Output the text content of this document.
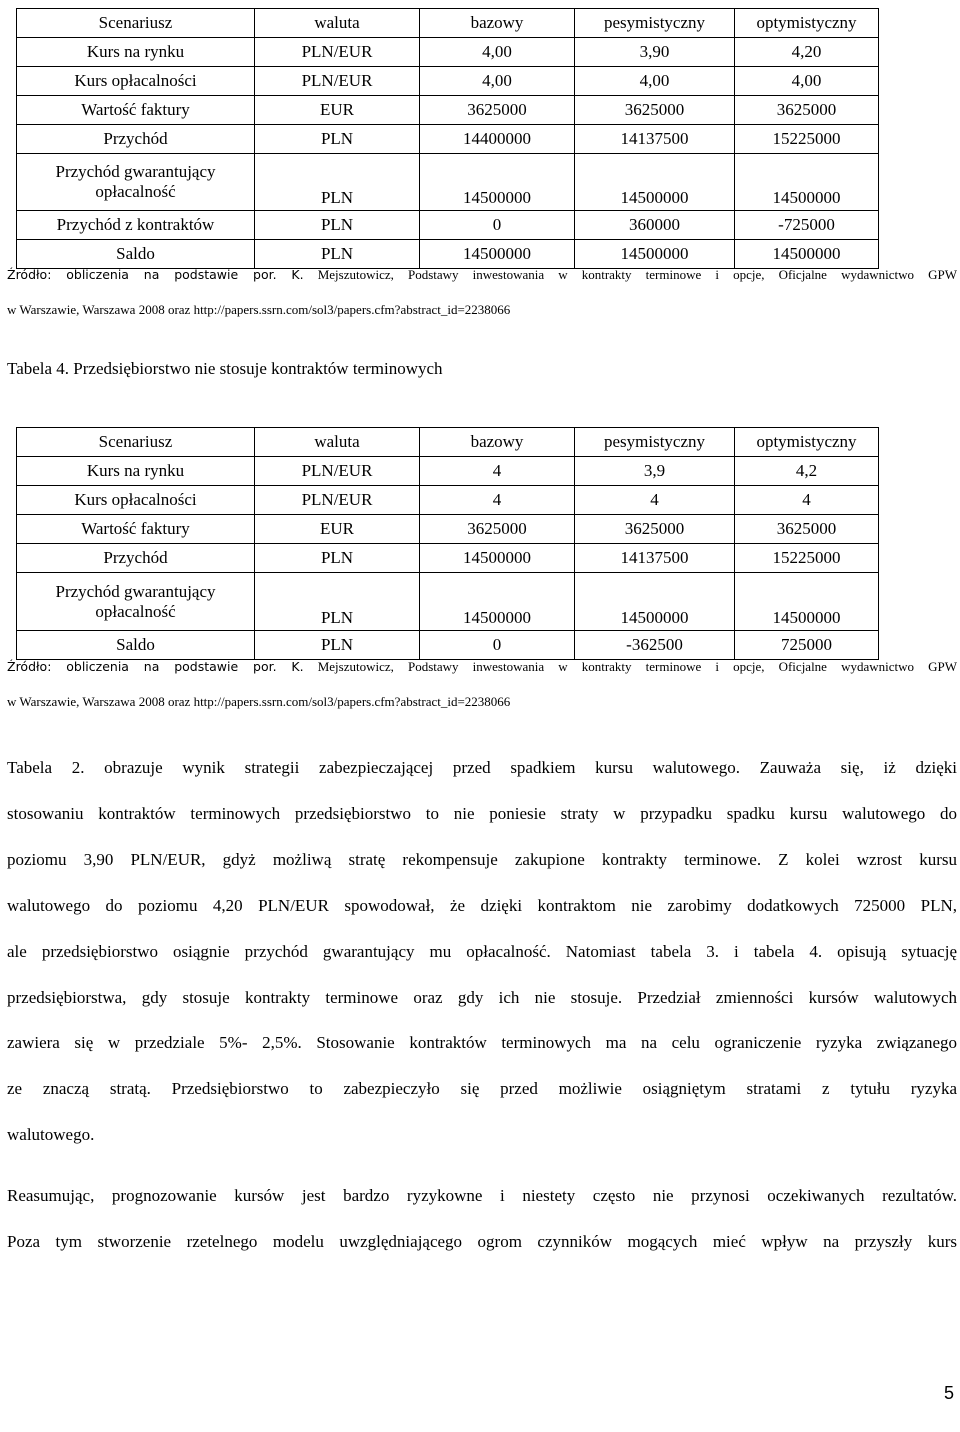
Scenariusz	waluta	bazowy	pesymistyczny	optymistyczny
Kurs na rynku	PLN/EUR	4,00	3,90	4,20
Kurs opłacalności	PLN/EUR	4,00	4,00	4,00
Wartość faktury	EUR	3625000	3625000	3625000
Przychód	PLN	14400000	14137500	15225000
Przychód gwarantujący opłacalność	PLN	14500000	14500000	14500000
Przychód z kontraktów	PLN	0	360000	-725000
Saldo	PLN	14500000	14500000	14500000
Źródło: obliczenia na podstawie por. K. Mejszutowicz, Podstawy inwestowania w kontrakty terminowe i opcje, Oficjalne wydawnictwo GPW
w Warszawie, Warszawa 2008 oraz http://papers.ssrn.com/sol3/papers.cfm?abstract_id=2238066
Tabela 4. Przedsiębiorstwo nie stosuje kontraktów terminowych
Scenariusz	waluta	bazowy	pesymistyczny	optymistyczny
Kurs na rynku	PLN/EUR	4	3,9	4,2
Kurs opłacalności	PLN/EUR	4	4	4
Wartość faktury	EUR	3625000	3625000	3625000
Przychód	PLN	14500000	14137500	15225000
Przychód gwarantujący opłacalność	PLN	14500000	14500000	14500000
Saldo	PLN	0	-362500	725000
Źródło: obliczenia na podstawie por. K. Mejszutowicz, Podstawy inwestowania w kontrakty terminowe i opcje, Oficjalne wydawnictwo GPW
w Warszawie, Warszawa 2008 oraz http://papers.ssrn.com/sol3/papers.cfm?abstract_id=2238066
Tabela 2. obrazuje wynik strategii zabezpieczającej przed spadkiem kursu walutowego. Zauważa się, iż dzięki
stosowaniu kontraktów terminowych przedsiębiorstwo to nie poniesie straty w przypadku spadku kursu walutowego do
poziomu 3,90 PLN/EUR, gdyż możliwą stratę rekompensuje zakupione kontrakty terminowe. Z kolei wzrost kursu
walutowego do poziomu 4,20 PLN/EUR spowodował, że dzięki kontraktom nie zarobimy dodatkowych 725000 PLN,
ale przedsiębiorstwo osiągnie przychód gwarantujący mu opłacalność. Natomiast tabela 3. i tabela 4. opisują sytuację
przedsiębiorstwa, gdy stosuje kontrakty terminowe oraz gdy ich nie stosuje. Przedział zmienności kursów walutowych
zawiera się w przedziale 5%- 2,5%. Stosowanie kontraktów terminowych ma na celu ograniczenie ryzyka związanego
ze znaczą stratą. Przedsiębiorstwo to zabezpieczyło się przed możliwie osiągniętym stratami z tytułu ryzyka
walutowego.
Reasumując, prognozowanie kursów jest bardzo ryzykowne i niestety często nie przynosi oczekiwanych rezultatów.
Poza tym stworzenie rzetelnego modelu uwzględniającego ogrom czynników mogących mieć wpływ na przyszły kurs
5
